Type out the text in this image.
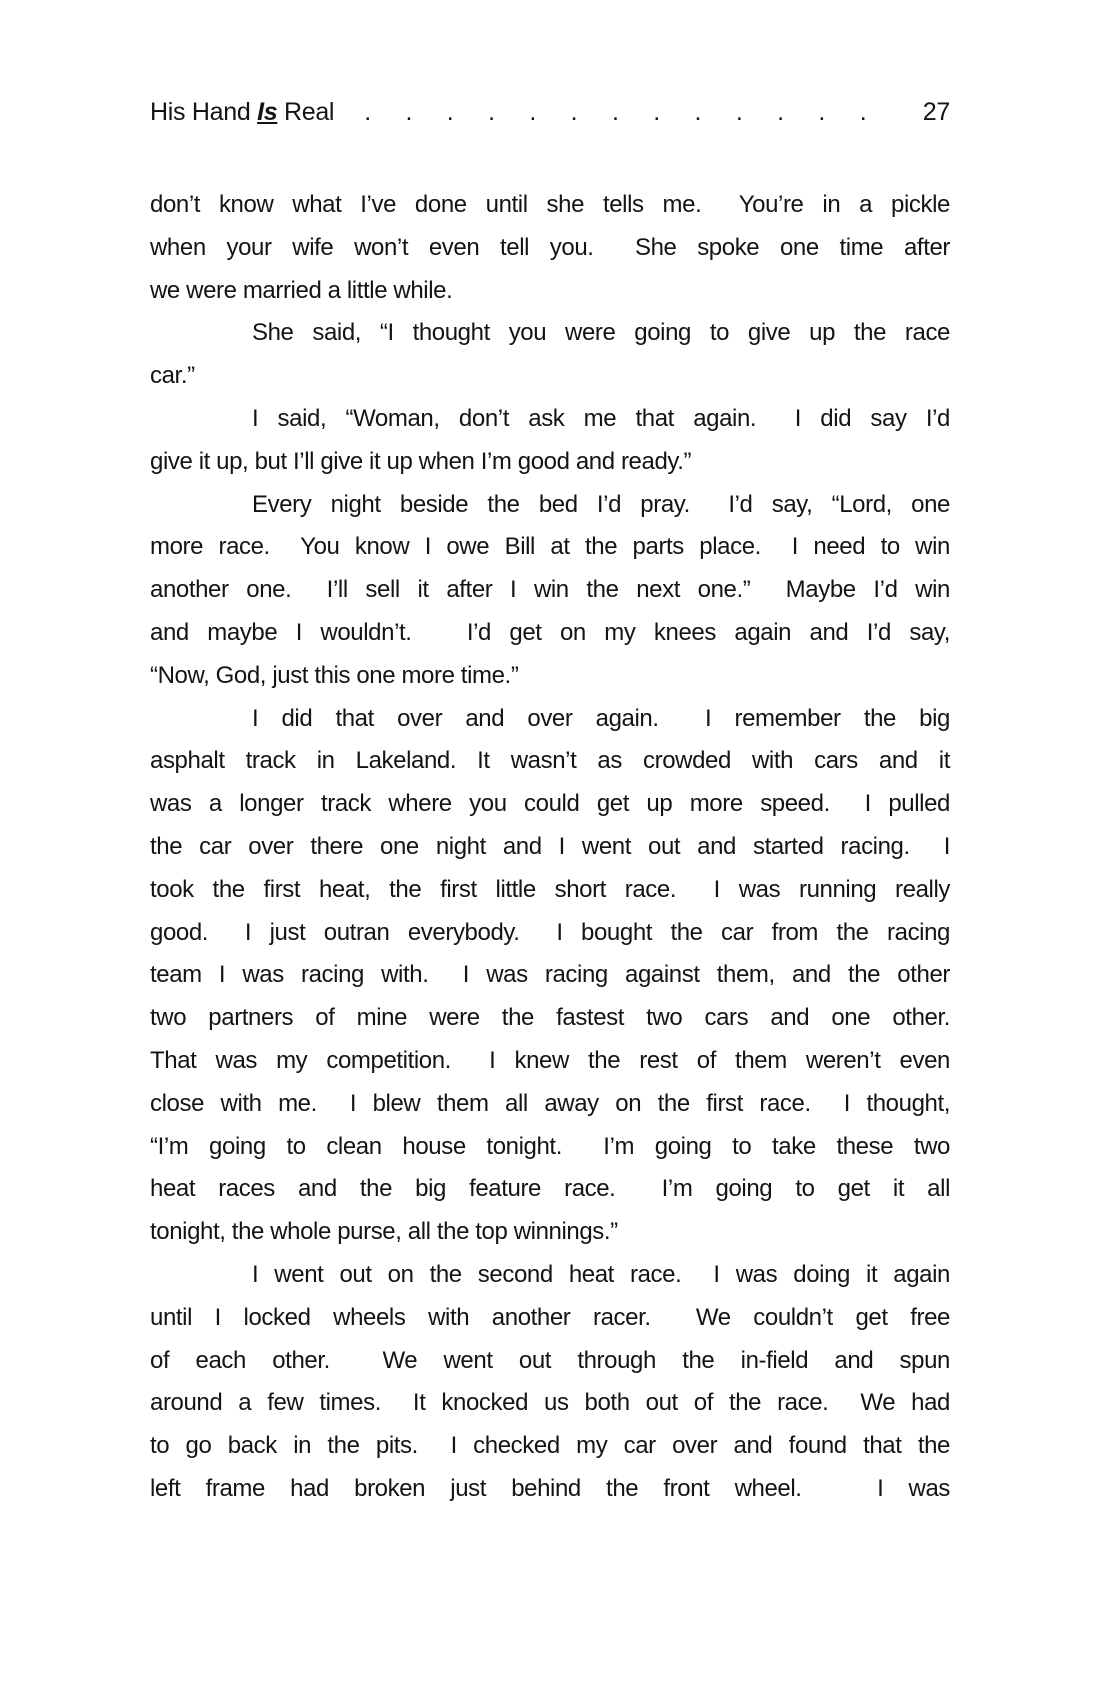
His Hand Is Real	. . . . . . . . . . . . .	27
don’t know what I’ve done until she tells me.  You’re in a pickle
when your wife won’t even tell you.  She spoke one time after
we were married a little while.
She said, “I thought you were going to give up the race
car.”
I said, “Woman, don’t ask me that again.  I did say I’d
give it up, but I’ll give it up when I’m good and ready.”
Every night beside the bed I’d pray.  I’d say, “Lord, one
more race.  You know I owe Bill at the parts place.  I need to win
another one.  I’ll sell it after I win the next one.”  Maybe I’d win
and maybe I wouldn’t.   I’d get on my knees again and I’d say,
“Now, God, just this one more time.”
I did that over and over again.  I remember the big
asphalt track in Lakeland. It wasn’t as crowded with cars and it
was a longer track where you could get up more speed.  I pulled
the car over there one night and I went out and started racing.  I
took the first heat, the first little short race.  I was running really
good.  I just outran everybody.  I bought the car from the racing
team I was racing with.  I was racing against them, and the other
two partners of mine were the fastest two cars and one other.
That was my competition.  I knew the rest of them weren’t even
close with me.  I blew them all away on the first race.  I thought,
“I’m going to clean house tonight.  I’m going to take these two
heat races and the big feature race.  I’m going to get it all
tonight, the whole purse, all the top winnings.”
I went out on the second heat race.  I was doing it again
until I locked wheels with another racer.  We couldn’t get free
of each other.  We went out through the in-field and spun
around a few times.  It knocked us both out of the race.  We had
to go back in the pits.  I checked my car over and found that the
left frame had broken just behind the front wheel.   I was
